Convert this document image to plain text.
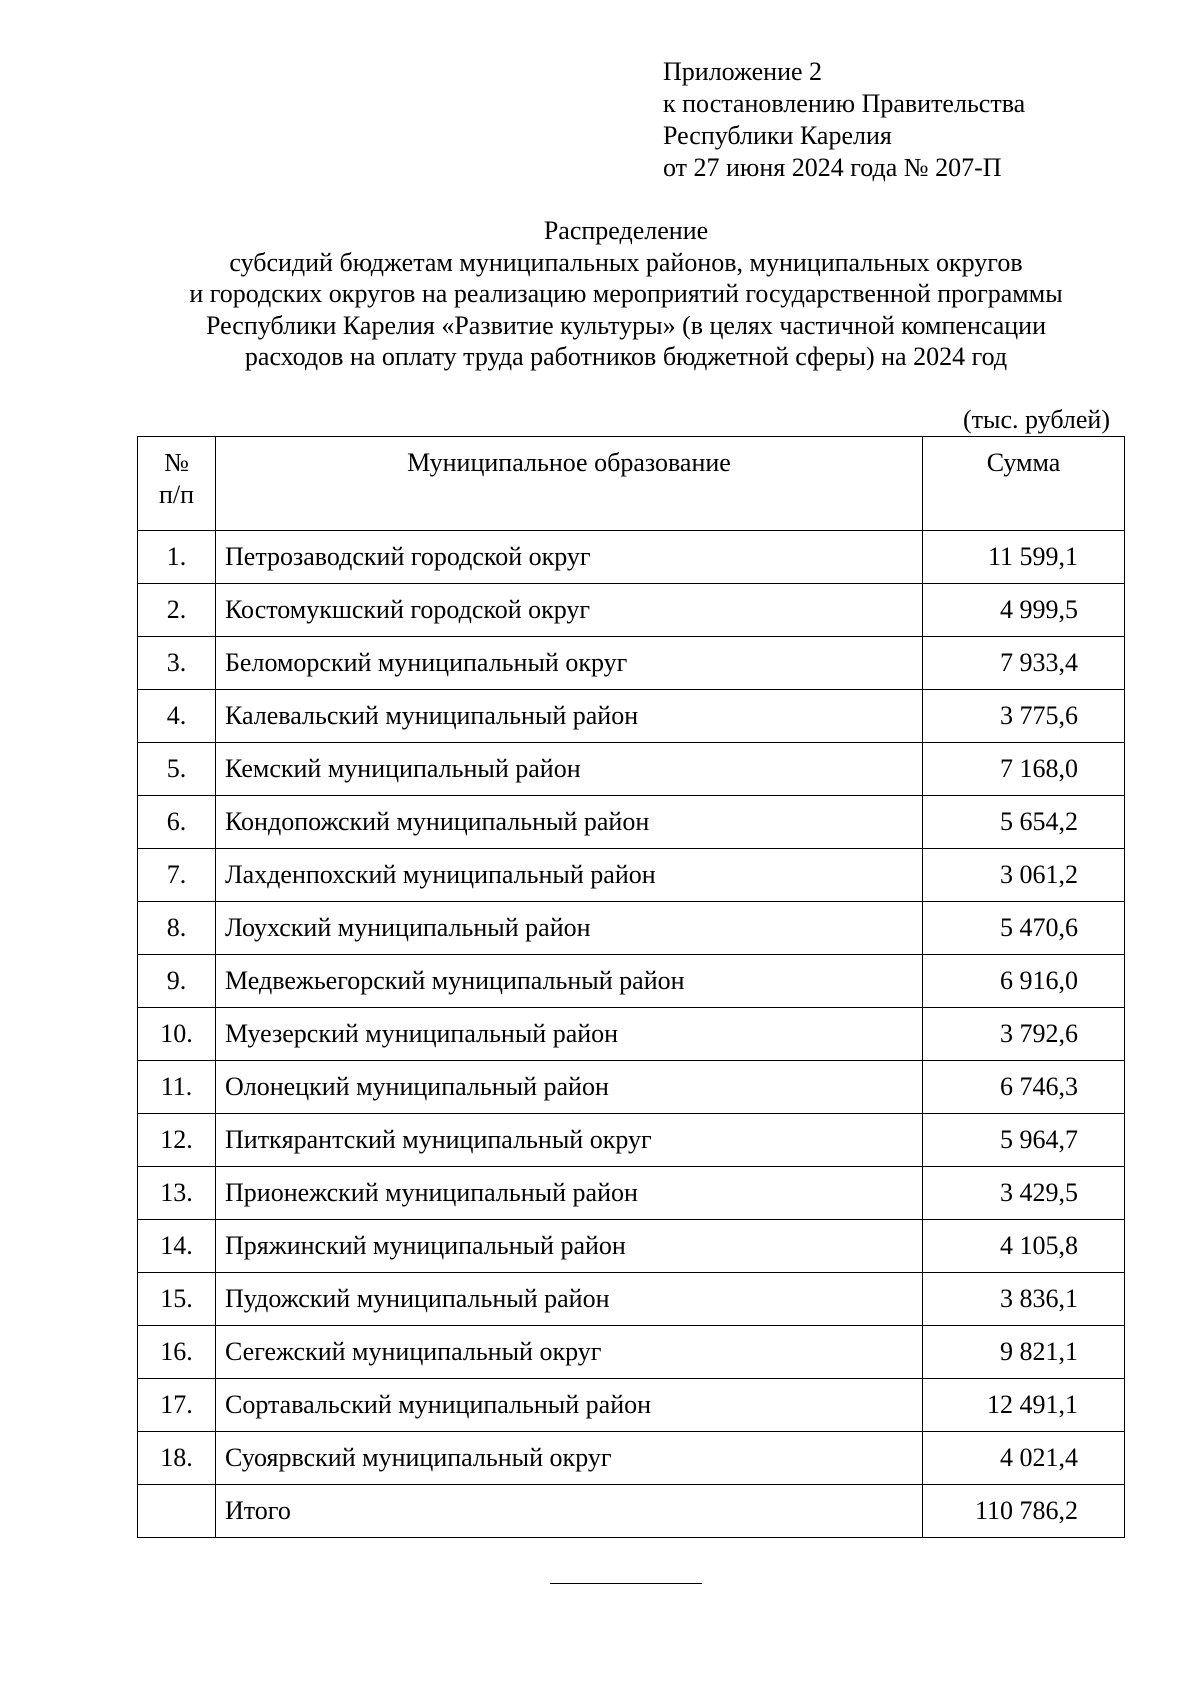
Приложение 2
к постановлению Правительства
Республики Карелия
от 27 июня 2024 года № 207-П
Распределение
субсидий бюджетам муниципальных районов, муниципальных округов
и городских округов на реализацию мероприятий государственной программы
Республики Карелия «Развитие культуры» (в целях частичной компенсации
расходов на оплату труда работников бюджетной сферы) на 2024 год
(тыс. рублей)
№
п/п	Муниципальное образование	Сумма
1.	Петрозаводский городской округ	11 599,1
2.	Костомукшский городской округ	4 999,5
3.	Беломорский муниципальный округ	7 933,4
4.	Калевальский муниципальный район	3 775,6
5.	Кемский муниципальный район	7 168,0
6.	Кондопожский муниципальный район	5 654,2
7.	Лахденпохский муниципальный район	3 061,2
8.	Лоухский муниципальный район	5 470,6
9.	Медвежьегорский муниципальный район	6 916,0
10.	Муезерский муниципальный район	3 792,6
11.	Олонецкий муниципальный район	6 746,3
12.	Питкярантский муниципальный округ	5 964,7
13.	Прионежский муниципальный район	3 429,5
14.	Пряжинский муниципальный район	4 105,8
15.	Пудожский муниципальный район	3 836,1
16.	Сегежский муниципальный округ	9 821,1
17.	Сортавальский муниципальный район	12 491,1
18.	Суоярвский муниципальный округ	4 021,4
	Итого	110 786,2
